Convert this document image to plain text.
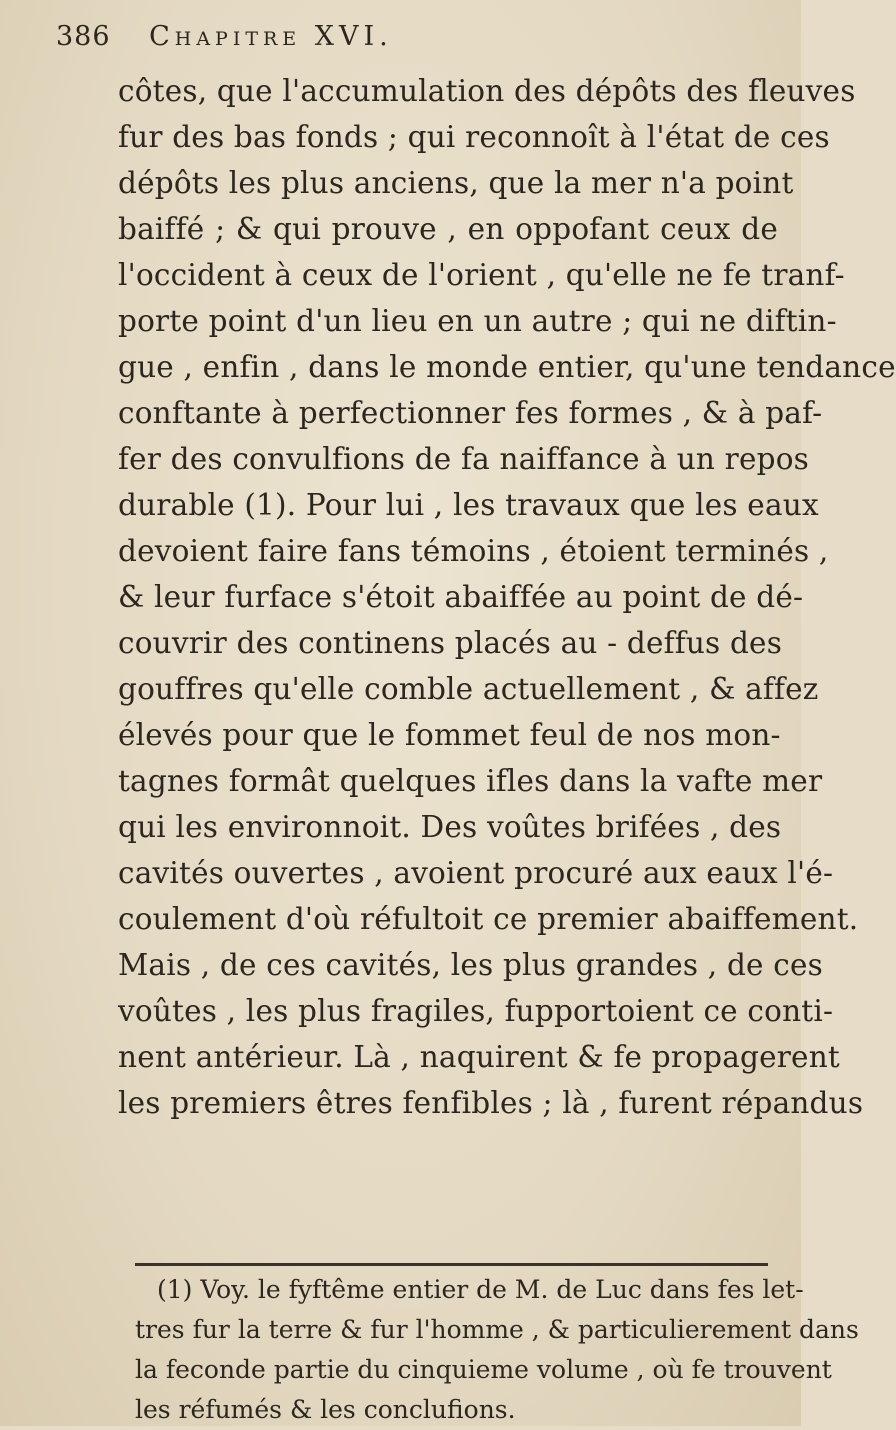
386 Chapitre XVI.
côtes, que l'accumulation des dépôts des fleuves
fur des bas fonds ; qui reconnoît à l'état de ces
dépôts les plus anciens, que la mer n'a point
baiffé ; & qui prouve , en oppofant ceux de
l'occident à ceux de l'orient , qu'elle ne fe tranf-
porte point d'un lieu en un autre ; qui ne diftin-
gue , enfin , dans le monde entier, qu'une tendance
conftante à perfectionner fes formes , & à paf-
fer des convulfions de fa naiffance à un repos
durable (1). Pour lui , les travaux que les eaux
devoient faire fans témoins , étoient terminés ,
& leur furface s'étoit abaiffée au point de dé-
couvrir des continens placés au - deffus des
gouffres qu'elle comble actuellement , & affez
élevés pour que le fommet feul de nos mon-
tagnes formât quelques ifles dans la vafte mer
qui les environnoit. Des voûtes brifées , des
cavités ouvertes , avoient procuré aux eaux l'é-
coulement d'où réfultoit ce premier abaiffement.
Mais , de ces cavités, les plus grandes , de ces
voûtes , les plus fragiles, fupportoient ce conti-
nent antérieur. Là , naquirent & fe propagerent
les premiers êtres fenfibles ; là , furent répandus
(1) Voy. le fyftême entier de M. de Luc dans fes let-
tres fur la terre & fur l'homme , & particulierement dans
la feconde partie du cinquieme volume , où fe trouvent
les réfumés & les conclufions.
